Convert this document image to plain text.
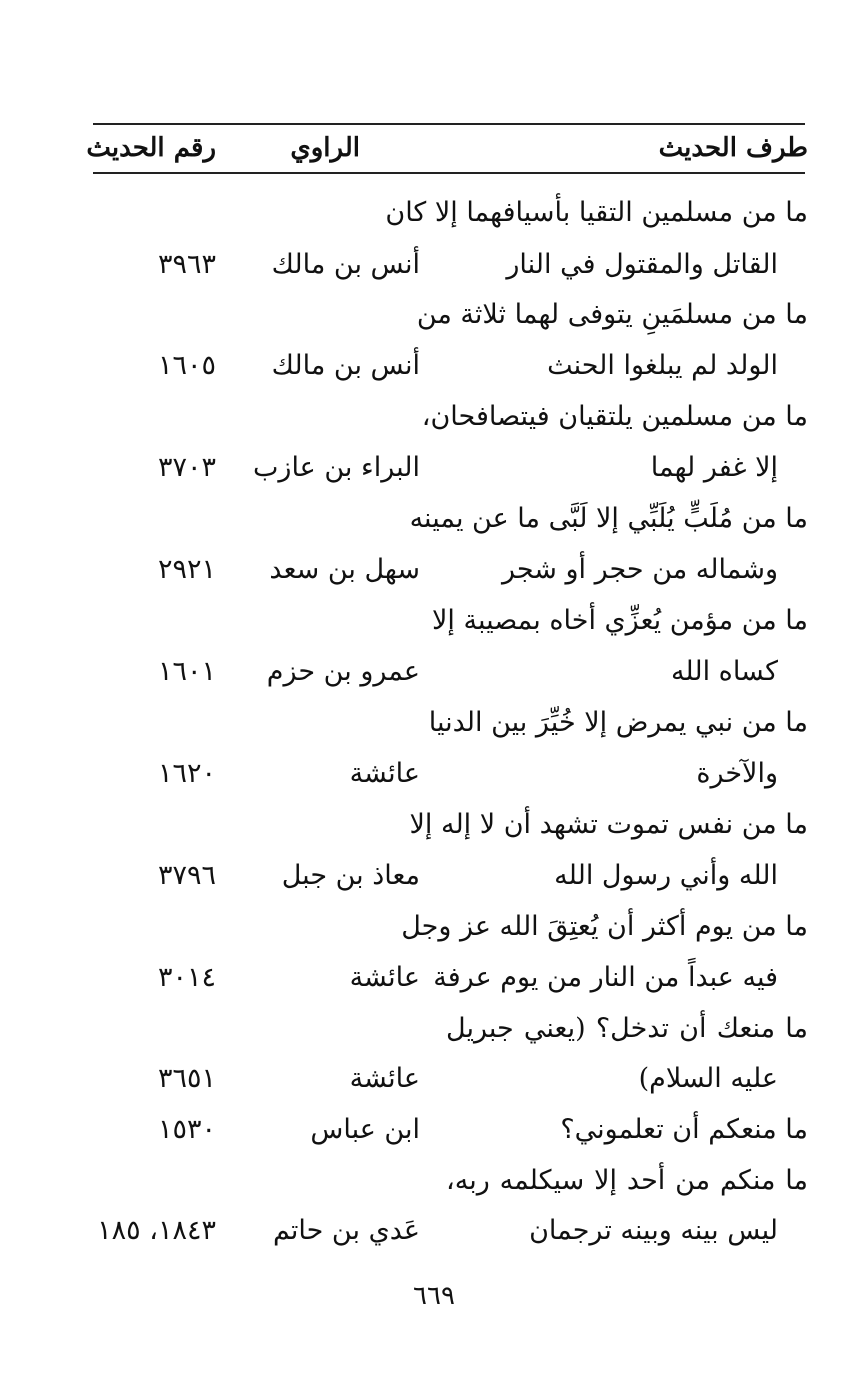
طرف الحديث
الراوي
رقم الحديث
ما من مسلمين التقيا بأسيافهما إلا كان
القاتل والمقتول في النار
أنس بن مالك
٣٩٦٣
ما من مسلمَينِ يتوفى لهما ثلاثة من
الولد لم يبلغوا الحنث
أنس بن مالك
١٦٠٥
ما من مسلمين يلتقيان فيتصافحان،
إلا غفر لهما
البراء بن عازب
٣٧٠٣
ما من مُلَبٍّ يُلَبِّي إلا لَبَّى ما عن يمينه
وشماله من حجر أو شجر
سهل بن سعد
٢٩٢١
ما من مؤمن يُعزِّي أخاه بمصيبة إلا
كساه الله
عمرو بن حزم
١٦٠١
ما من نبي يمرض إلا خُيِّرَ بين الدنيا
والآخرة
عائشة
١٦٢٠
ما من نفس تموت تشهد أن لا إله إلا
الله وأني رسول الله
معاذ بن جبل
٣٧٩٦
ما من يوم أكثر أن يُعتِقَ الله عز وجل
فيه عبداً من النار من يوم عرفة
عائشة
٣٠١٤
ما منعك أن تدخل؟ (يعني جبريل
عليه السلام)
عائشة
٣٦٥١
ما منعكم أن تعلموني؟
ابن عباس
١٥٣٠
ما منكم من أحد إلا سيكلمه ربه،
ليس بينه وبينه ترجمان
عَدي بن حاتم
١٨٤٣، ١٨٥
٦٦٩
